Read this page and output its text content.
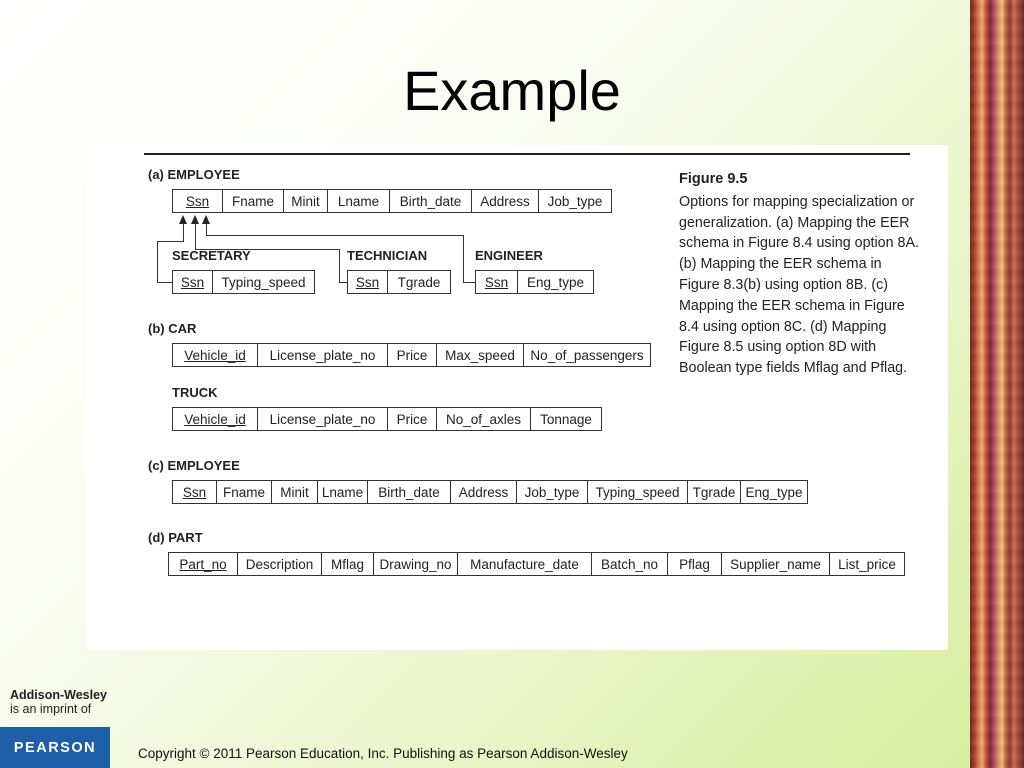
Example
(a) EMPLOYEE
Ssn Fname Minit Lname Birth_date Address Job_type
SECRETARY
Ssn Typing_speed
TECHNICIAN
Ssn Tgrade
ENGINEER
Ssn Eng_type
(b) CAR
Vehicle_id License_plate_no Price Max_speed No_of_passengers
TRUCK
Vehicle_id License_plate_no Price No_of_axles Tonnage
(c) EMPLOYEE
Ssn Fname Minit Lname Birth_date Address Job_type Typing_speed Tgrade Eng_type
(d) PART
Part_no Description Mflag Drawing_no Manufacture_date Batch_no Pflag Supplier_name List_price
Figure 9.5
Options for mapping specialization or generalization. (a) Mapping the EER schema in Figure 8.4 using option 8A. (b) Mapping the EER schema in Figure 8.3(b) using option 8B. (c) Mapping the EER schema in Figure 8.4 using option 8C. (d) Mapping Figure 8.5 using option 8D with Boolean type fields Mflag and Pflag.
Addison-Wesley
is an imprint of
PEARSON	Copyright © 2011 Pearson Education, Inc. Publishing as Pearson Addison-Wesley
